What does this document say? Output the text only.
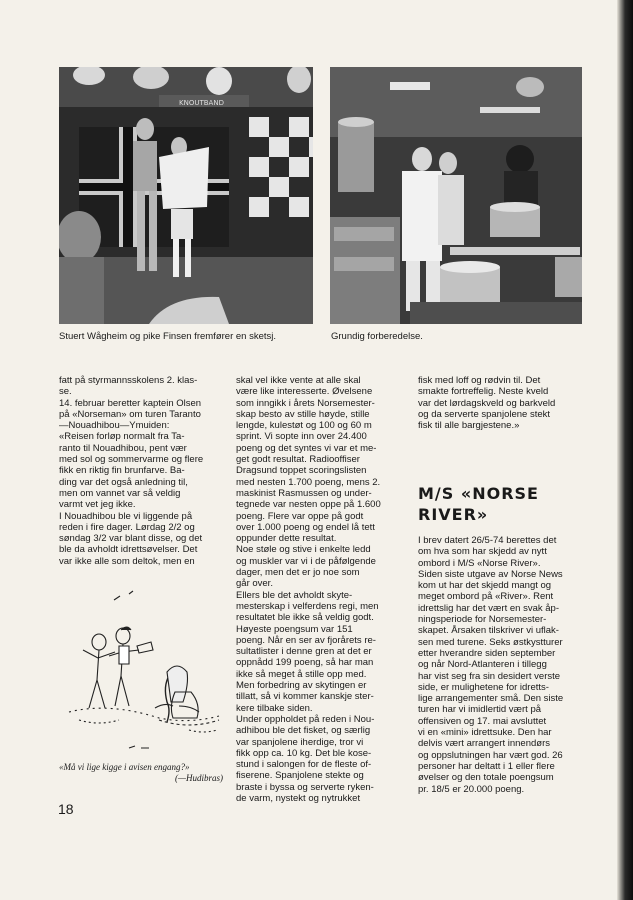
KNOUTBAND
Stuert Wågheim og pike Finsen fremfører en sketsj.	Grundig forberedelse.
fatt på styrmannsskolens 2. klas-
se.
14. februar beretter kaptein Olsen
på «Norseman» om turen Taranto
—Nouadhibou—Ymuiden:
«Reisen forløp normalt fra Ta-
ranto til Nouadhibou, pent vær
med sol og sommervarme og flere
fikk en riktig fin brunfarve. Ba-
ding var det også anledning til,
men om vannet var så veldig
varmt vet jeg ikke.
I Nouadhibou ble vi liggende på
reden i fire dager. Lørdag 2/2 og
søndag 3/2 var blant disse, og det
ble da avholdt idrettsøvelser. Det
var ikke alle som deltok, men en
«Må vi lige kigge i avisen engang?»
(—Hudibras)
skal vel ikke vente at alle skal
være like interesserte. Øvelsene
som inngikk i årets Norsemester-
skap besto av stille høyde, stille
lengde, kulestøt og 100 og 60 m
sprint. Vi sopte inn over 24.400
poeng og det syntes vi var et me-
get godt resultat. Radiooffiser
Dragsund toppet scoringslisten
med nesten 1.700 poeng, mens 2.
maskinist Rasmussen og under-
tegnede var nesten oppe på 1.600
poeng. Flere var oppe på godt
over 1.000 poeng og endel lå tett
oppunder dette resultat.
Noe støle og stive i enkelte ledd
og muskler var vi i de påfølgende
dager, men det er jo noe som
går over.
Ellers ble det avholdt skyte-
mesterskap i velferdens regi, men
resultatet ble ikke så veldig godt.
Høyeste poengsum var 151
poeng. Når en ser av fjorårets re-
sultatlister i denne gren at det er
oppnådd 199 poeng, så har man
ikke så meget å stille opp med.
Men forbedring av skytingen er
tillatt, så vi kommer kanskje ster-
kere tilbake siden.
Under oppholdet på reden i Nou-
adhibou ble det fisket, og særlig
var spanjolene iherdige, tror vi
fikk opp ca. 10 kg. Det ble kose-
stund i salongen for de fleste of-
fiserene. Spanjolene stekte og
braste i byssa og serverte ryken-
de varm, nystekt og nytrukket
fisk med loff og rødvin til. Det
smakte fortreffelig. Neste kveld
var det lørdagskveld og barkveld
og da serverte spanjolene stekt
fisk til alle bargjestene.»
M/S «NORSE
RIVER»
I brev datert 26/5-74 berettes det
om hva som har skjedd av nytt
ombord i M/S «Norse River».
Siden siste utgave av Norse News
kom ut har det skjedd mangt og
meget ombord på «River». Rent
idrettslig har det vært en svak åp-
ningsperiode for Norsemester-
skapet. Årsaken tilskriver vi uflak-
sen med turene. Seks østkystturer
etter hverandre siden september
og når Nord-Atlanteren i tillegg
har vist seg fra sin desidert verste
side, er mulighetene for idretts-
lige arrangementer små. Den siste
turen har vi imidlertid vært på
offensiven og 17. mai avsluttet
vi en «mini» idrettsuke. Den har
delvis vært arrangert innendørs
og oppslutningen har vært god. 26
personer har deltatt i 1 eller flere
øvelser og den totale poengsum
pr. 18/5 er 20.000 poeng.
18
